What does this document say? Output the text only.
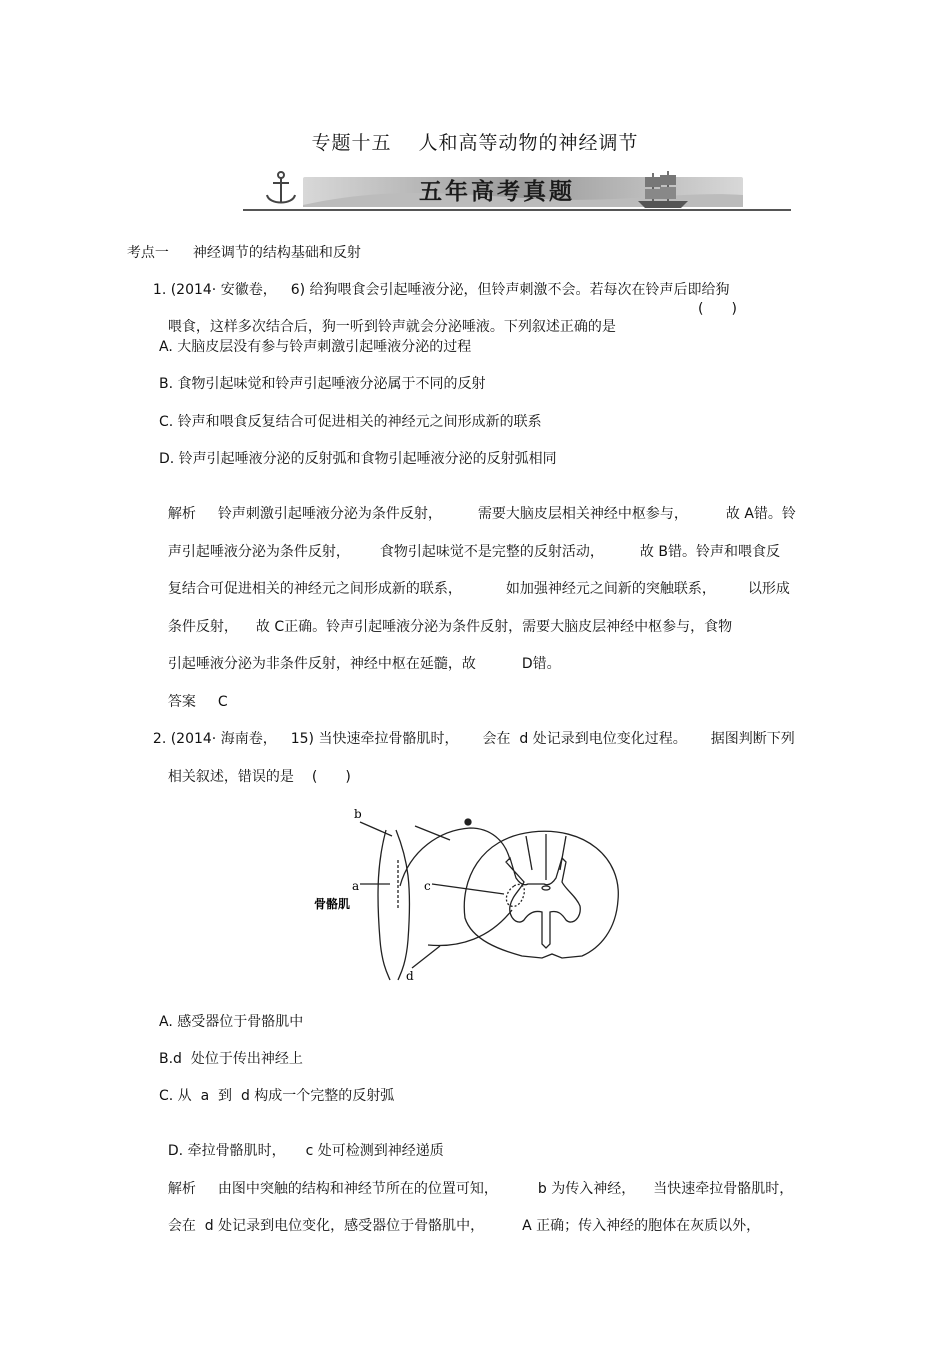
专题十五　 人和高等动物的神经调节
五年高考真题

考点一 神经调节的结构基础和反射

1. (2014· 安徽卷， 6) 给狗喂食会引起唾液分泌，但铃声刺激不会。若每次在铃声后即给狗

喂食，这样多次结合后，狗一听到铃声就会分泌唾液。下列叙述正确的是

(　　)
A. 大脑皮层没有参与铃声刺激引起唾液分泌的过程
B. 食物引起味觉和铃声引起唾液分泌属于不同的反射
C. 铃声和喂食反复结合可促进相关的神经元之间形成新的联系
D. 铃声引起唾液分泌的反射弧和食物引起唾液分泌的反射弧相同

解析 铃声刺激引起唾液分泌为条件反射，	需要大脑皮层相关神经中枢参与，	故 A错。铃

声引起唾液分泌为条件反射， 食物引起味觉不是完整的反射活动，	故 B错。铃声和喂食反

复结合可促进相关的神经元之间形成新的联系，	如加强神经元之间新的突触联系， 以形成

条件反射， 故 C正确。铃声引起唾液分泌为条件反射，需要大脑皮层神经中枢参与，食物

引起唾液分泌为非条件反射，神经中枢在延髓，故	D错。

答案 C

2. (2014· 海南卷， 15) 当快速牵拉骨骼肌时， 会在  d 处记录到电位变化过程。 据图判断下列

相关叙述，错误的是 (　　)

b
a	c
d
骨骼肌
A. 感受器位于骨骼肌中
B.d  处位于传出神经上
C. 从  a  到  d 构成一个完整的反射弧

D. 牵拉骨骼肌时， c 处可检测到神经递质

解析 由图中突触的结构和神经节所在的位置可知，	b 为传入神经， 当快速牵拉骨骼肌时，

会在  d 处记录到电位变化，感受器位于骨骼肌中，	A 正确；传入神经的胞体在灰质以外，
